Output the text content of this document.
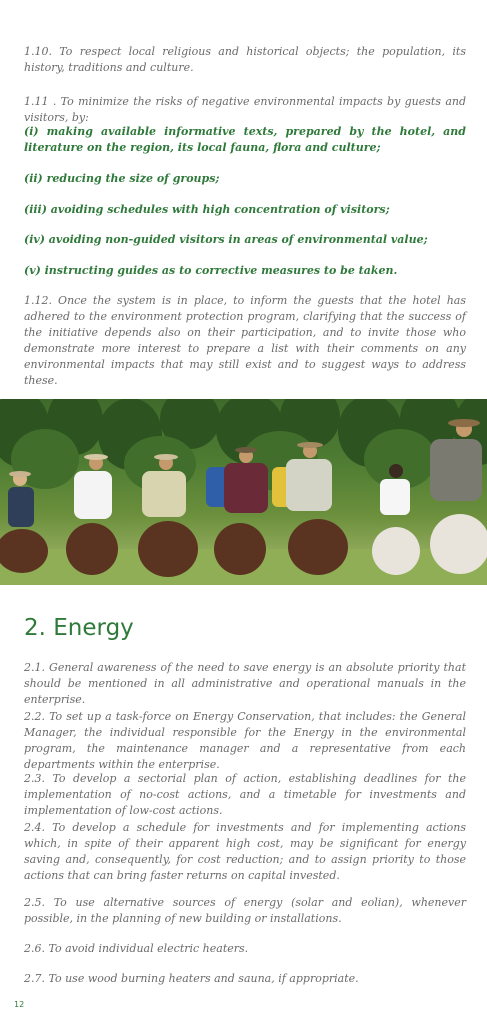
1.10. To respect local religious and historical objects; the population, its history, traditions and culture.

1.11 . To minimize the risks of negative environmental impacts by guests and visitors, by:

(i) making available informative texts, prepared by the hotel, and literature on the region, its local fauna, flora and culture;

(ii) reducing the size of groups;

(iii) avoiding schedules with high concentration of visitors;

(iv) avoiding non-guided visitors in areas of environmental value;

(v) instructing guides as to corrective measures to be taken.

1.12. Once the system is in place, to inform the guests that the hotel has adhered to the environment protection program, clarifying that the success of the initiative depends also on their participation, and to invite those who demonstrate more interest to prepare a list with their comments on any environmental impacts that may still exist and to suggest ways to address these.

2. Energy

2.1. General awareness of the need to save energy is an absolute priority that should be mentioned in all administrative and operational manuals in the enterprise.

2.2. To set up a task-force on Energy Conservation, that includes: the General Manager, the individual responsible for the Energy in the environmental program, the maintenance manager and a representative from each departments within the enterprise.

2.3. To develop a sectorial plan of action, establishing deadlines for the implementation of no-cost actions, and a timetable for investments and implementation of low-cost actions.

2.4. To develop a schedule for investments and for implementing actions which, in spite of their apparent high cost, may be significant for energy saving and, consequently, for cost reduction; and to assign priority to those actions that can bring faster returns on capital invested.

2.5. To use alternative sources of energy (solar and eolian), whenever possible, in the planning of new building or installations.

2.6. To avoid individual electric heaters.

2.7. To use wood burning heaters and sauna, if appropriate.

12
